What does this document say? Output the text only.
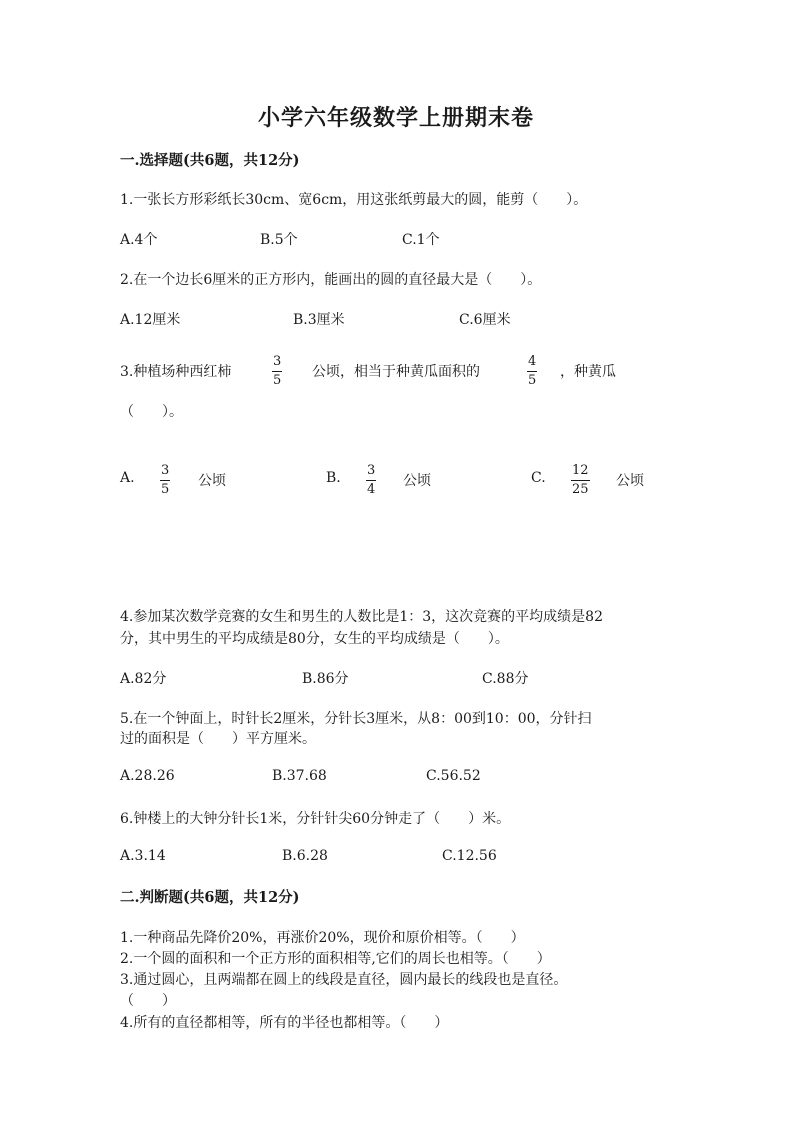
小学六年级数学上册期末卷
一.选择题(共6题，共12分)
1.一张长方形彩纸长30cm、宽6cm，用这张纸剪最大的圆，能剪（　　）。
A.4个	B.5个	C.1个
2.在一个边长6厘米的正方形内，能画出的圆的直径最大是（　　）。
A.12厘米	B.3厘米	C.6厘米
3.种植场种西红柿
3
5
公顷，相当于种黄瓜面积的
4
5
，种黄瓜
（　　）。
A. 3
5
公顷	B. 3
4
公顷	C. 12
25
公顷
4.参加某次数学竞赛的女生和男生的人数比是1：3，这次竞赛的平均成绩是82
分，其中男生的平均成绩是80分，女生的平均成绩是（　　）。
A.82分	B.86分	C.88分
5.在一个钟面上，时针长2厘米，分针长3厘米，从8：00到10：00，分针扫
过的面积是（　　）平方厘米。
A.28.26	B.37.68	C.56.52
6.钟楼上的大钟分针长1米，分针针尖60分钟走了（　　）米。
A.3.14	B.6.28	C.12.56
二.判断题(共6题，共12分)
1.一种商品先降价20%，再涨价20%，现价和原价相等。（　　）
2.一个圆的面积和一个正方形的面积相等,它们的周长也相等。（　　）
3.通过圆心，且两端都在圆上的线段是直径，圆内最长的线段也是直径。
（　　）
4.所有的直径都相等，所有的半径也都相等。（　　）
